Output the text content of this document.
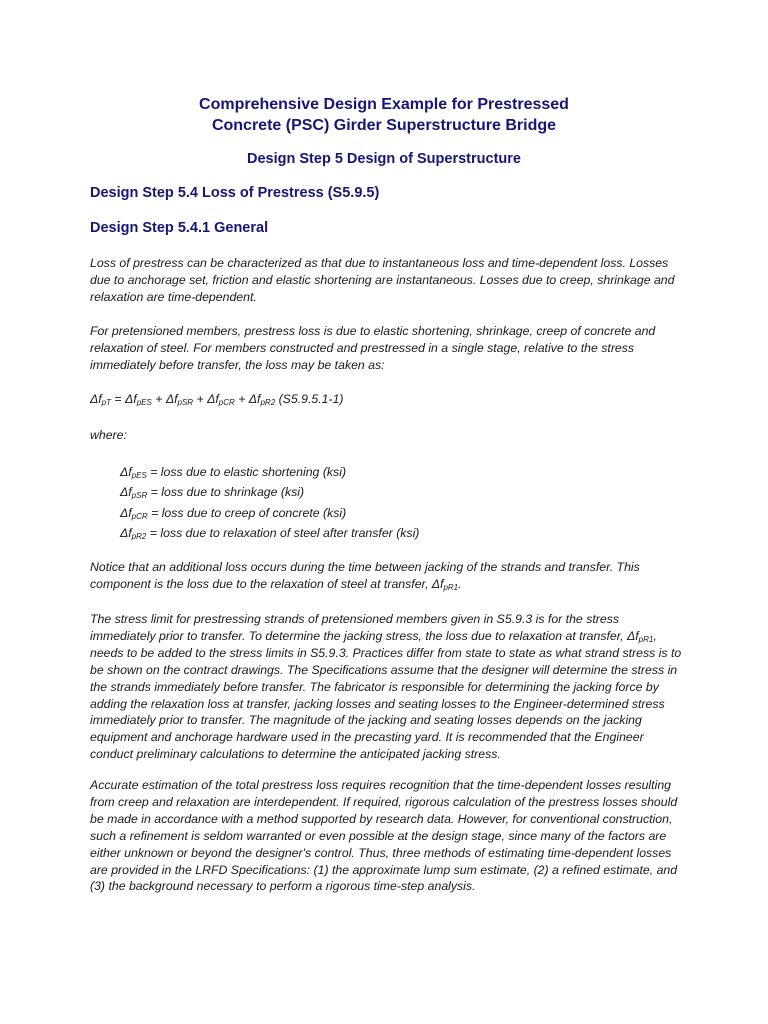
Comprehensive Design Example for Prestressed
Concrete (PSC) Girder Superstructure Bridge
Design Step 5 Design of Superstructure
Design Step 5.4 Loss of Prestress (S5.9.5)
Design Step 5.4.1 General
Loss of prestress can be characterized as that due to instantaneous loss and time-dependent loss. Losses due to anchorage set, friction and elastic shortening are instantaneous. Losses due to creep, shrinkage and relaxation are time-dependent.
For pretensioned members, prestress loss is due to elastic shortening, shrinkage, creep of concrete and relaxation of steel. For members constructed and prestressed in a single stage, relative to the stress immediately before transfer, the loss may be taken as:
$\Delta f_{pT} = \Delta f_{pES} + \Delta f_{pSR} + \Delta f_{pCR} + \Delta f_{pR2}$ (S5.9.5.1-1)
where:
$\Delta f_{pES}$ = loss due to elastic shortening (ksi)
$\Delta f_{pSR}$ = loss due to shrinkage (ksi)
$\Delta f_{pCR}$ = loss due to creep of concrete (ksi)
$\Delta f_{pR2}$ = loss due to relaxation of steel after transfer (ksi)
Notice that an additional loss occurs during the time between jacking of the strands and transfer. This component is the loss due to the relaxation of steel at transfer, $\Delta f_{pR1}$.
The stress limit for prestressing strands of pretensioned members given in S5.9.3 is for the stress immediately prior to transfer. To determine the jacking stress, the loss due to relaxation at transfer, $\Delta f_{pR1}$, needs to be added to the stress limits in S5.9.3. Practices differ from state to state as what strand stress is to be shown on the contract drawings. The Specifications assume that the designer will determine the stress in the strands immediately before transfer. The fabricator is responsible for determining the jacking force by adding the relaxation loss at transfer, jacking losses and seating losses to the Engineer-determined stress immediately prior to transfer. The magnitude of the jacking and seating losses depends on the jacking equipment and anchorage hardware used in the precasting yard. It is recommended that the Engineer conduct preliminary calculations to determine the anticipated jacking stress.
Accurate estimation of the total prestress loss requires recognition that the time-dependent losses resulting from creep and relaxation are interdependent. If required, rigorous calculation of the prestress losses should be made in accordance with a method supported by research data. However, for conventional construction, such a refinement is seldom warranted or even possible at the design stage, since many of the factors are either unknown or beyond the designer's control. Thus, three methods of estimating time-dependent losses are provided in the LRFD Specifications: (1) the approximate lump sum estimate, (2) a refined estimate, and (3) the background necessary to perform a rigorous time-step analysis.
